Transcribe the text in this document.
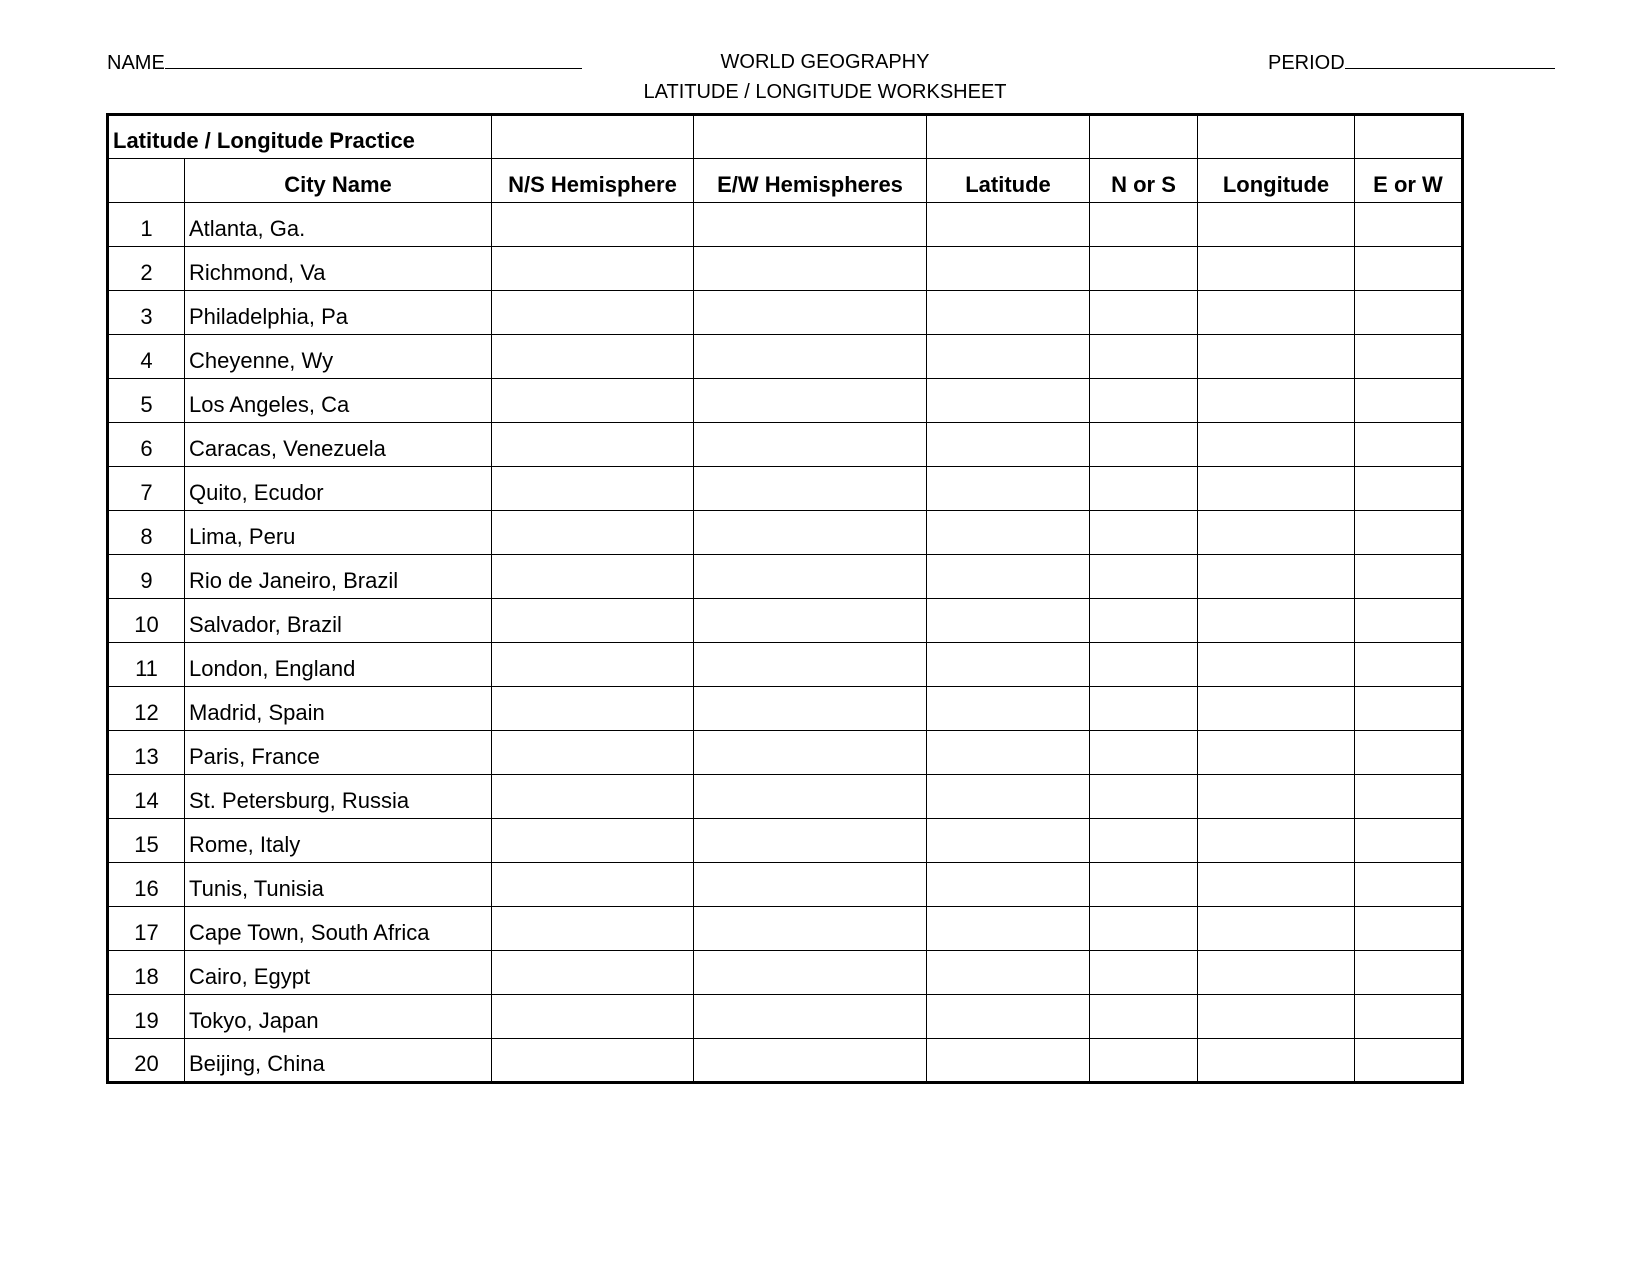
NAME	WORLD GEOGRAPHY
LATITUDE / LONGITUDE WORKSHEET
PERIOD
Latitude / Longitude Practice							
	City Name	N/S Hemisphere	E/W Hemispheres	Latitude	N or S	Longitude	E or W
1	Atlanta, Ga.						
2	Richmond, Va						
3	Philadelphia, Pa						
4	Cheyenne, Wy						
5	Los Angeles, Ca						
6	Caracas, Venezuela						
7	Quito, Ecudor						
8	Lima, Peru						
9	Rio de Janeiro, Brazil						
10	Salvador, Brazil						
11	London, England						
12	Madrid, Spain						
13	Paris, France						
14	St. Petersburg, Russia						
15	Rome, Italy						
16	Tunis, Tunisia						
17	Cape Town, South Africa						
18	Cairo, Egypt						
19	Tokyo, Japan						
20	Beijing, China						
